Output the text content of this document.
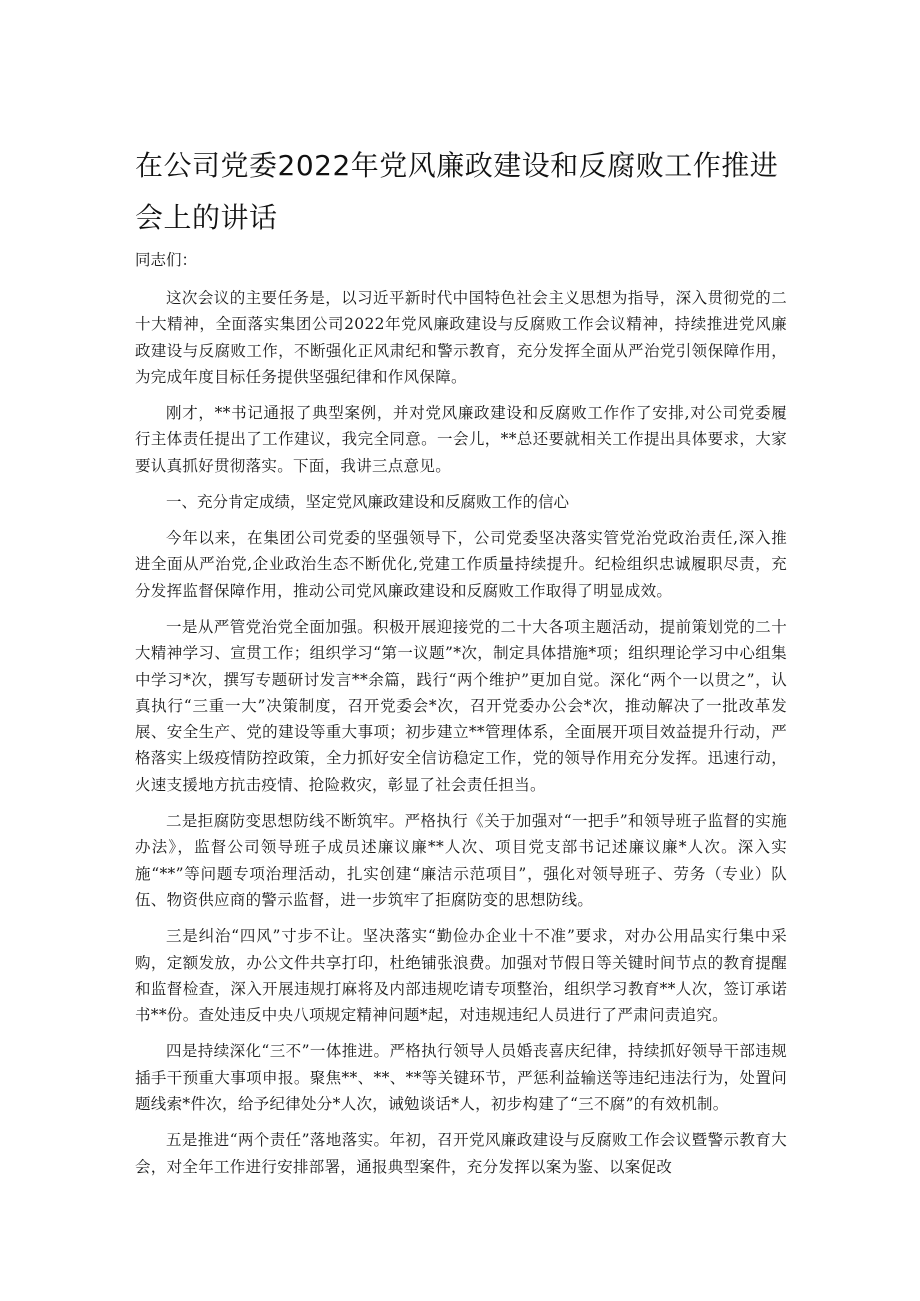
在公司党委2022年党风廉政建设和反腐败工作推进会上的讲话

同志们：

这次会议的主要任务是，以习近平新时代中国特色社会主义思想为指导，深入贯彻党的二十大精神，全面落实集团公司2022年党风廉政建设与反腐败工作会议精神，持续推进党风廉政建设与反腐败工作，不断强化正风肃纪和警示教育，充分发挥全面从严治党引领保障作用，为完成年度目标任务提供坚强纪律和作风保障。

刚才，**书记通报了典型案例，并对党风廉政建设和反腐败工作作了安排,对公司党委履行主体责任提出了工作建议，我完全同意。一会儿，**总还要就相关工作提出具体要求，大家要认真抓好贯彻落实。下面，我讲三点意见。

一、充分肯定成绩，坚定党风廉政建设和反腐败工作的信心

今年以来，在集团公司党委的坚强领导下，公司党委坚决落实管党治党政治责任,深入推进全面从严治党,企业政治生态不断优化,党建工作质量持续提升。纪检组织忠诚履职尽责，充分发挥监督保障作用，推动公司党风廉政建设和反腐败工作取得了明显成效。

一是从严管党治党全面加强。积极开展迎接党的二十大各项主题活动，提前策划党的二十大精神学习、宣贯工作；组织学习“第一议题”*次，制定具体措施*项；组织理论学习中心组集中学习*次，撰写专题研讨发言**余篇，践行“两个维护”更加自觉。深化“两个一以贯之”，认真执行“三重一大”决策制度，召开党委会*次，召开党委办公会*次，推动解决了一批改革发展、安全生产、党的建设等重大事项；初步建立**管理体系，全面展开项目效益提升行动，严格落实上级疫情防控政策，全力抓好安全信访稳定工作，党的领导作用充分发挥。迅速行动，火速支援地方抗击疫情、抢险救灾，彰显了社会责任担当。

二是拒腐防变思想防线不断筑牢。严格执行《关于加强对“一把手”和领导班子监督的实施办法》，监督公司领导班子成员述廉议廉**人次、项目党支部书记述廉议廉*人次。深入实施“**”等问题专项治理活动，扎实创建“廉洁示范项目”，强化对领导班子、劳务（专业）队伍、物资供应商的警示监督，进一步筑牢了拒腐防变的思想防线。

三是纠治“四风”寸步不让。坚决落实“勤俭办企业十不准”要求，对办公用品实行集中采购，定额发放，办公文件共享打印，杜绝铺张浪费。加强对节假日等关键时间节点的教育提醒和监督检查，深入开展违规打麻将及内部违规吃请专项整治，组织学习教育**人次，签订承诺书**份。查处违反中央八项规定精神问题*起，对违规违纪人员进行了严肃问责追究。

四是持续深化“三不”一体推进。严格执行领导人员婚丧喜庆纪律，持续抓好领导干部违规插手干预重大事项申报。聚焦**、**、**等关键环节，严惩利益输送等违纪违法行为，处置问题线索*件次，给予纪律处分*人次，诫勉谈话*人，初步构建了“三不腐”的有效机制。

五是推进“两个责任”落地落实。年初，召开党风廉政建设与反腐败工作会议暨警示教育大会，对全年工作进行安排部署，通报典型案件，充分发挥以案为鉴、以案促改
